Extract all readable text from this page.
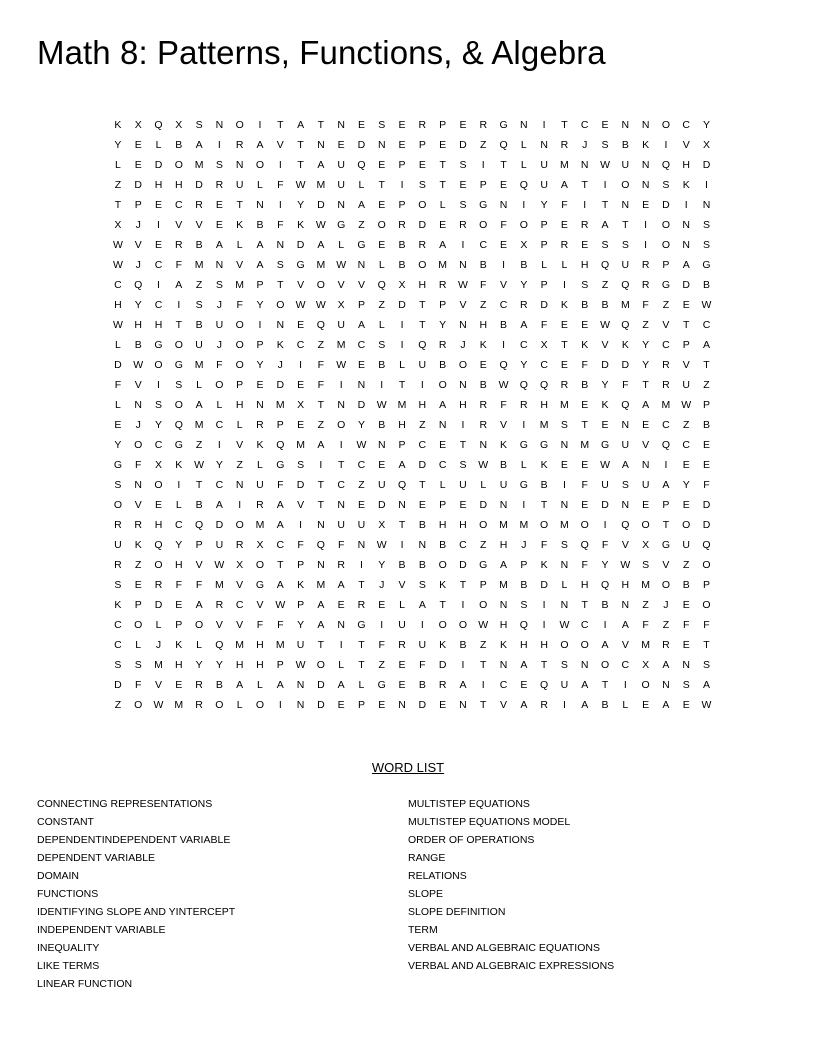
Math 8: Patterns, Functions, & Algebra
K	X	Q	X	S	N	O	I	T	A	T	N	E	S	E	R	P	E	R	G	N	I	T	C	E	N	N	O	C	Y
Y	E	L	B	A	I	R	A	V	T	N	E	D	N	E	P	E	D	Z	Q	L	N	R	J	S	B	K	I	V	X
L	E	D	O	M	S	N	O	I	T	A	U	Q	E	P	E	T	S	I	T	L	U	M	N	W	U	N	Q	H	D
Z	D	H	H	D	R	U	L	F	W	M	U	L	T	I	S	T	E	P	E	Q	U	A	T	I	O	N	S	K	I
T	P	E	C	R	E	T	N	I	Y	D	N	A	E	P	O	L	S	G	N	I	Y	F	I	T	N	E	D	I	N
X	J	I	V	V	E	K	B	F	K	W	G	Z	O	R	D	E	R	O	F	O	P	E	R	A	T	I	O	N	S
W	V	E	R	B	A	L	A	N	D	A	L	G	E	B	R	A	I	C	E	X	P	R	E	S	S	I	O	N	S
W	J	C	F	M	N	V	A	S	G	M	W	N	L	B	O	M	N	B	I	B	L	L	H	Q	U	R	P	A	G
C	Q	I	A	Z	S	M	P	T	V	O	V	V	Q	X	H	R	W	F	V	Y	P	I	S	Z	Q	R	G	D	B
H	Y	C	I	S	J	F	Y	O	W	W	X	P	Z	D	T	P	V	Z	C	R	D	K	B	B	M	F	Z	E	W
W	H	H	T	B	U	O	I	N	E	Q	U	A	L	I	T	Y	N	H	B	A	F	E	E	W	Q	Z	V	T	C
L	B	G	O	U	J	O	P	K	C	Z	M	C	S	I	Q	R	J	K	I	C	X	T	K	V	K	Y	C	P	A
D	W	O	G	M	F	O	Y	J	I	F	W	E	B	L	U	B	O	E	Q	Y	C	E	F	D	D	Y	R	V	T
F	V	I	S	L	O	P	E	D	E	F	I	N	I	T	I	O	N	B	W	Q	Q	R	B	Y	F	T	R	U	Z
L	N	S	O	A	L	H	N	M	X	T	N	D	W	M	H	A	H	R	F	R	H	M	E	K	Q	A	M	W	P
E	J	Y	Q	M	C	L	R	P	E	Z	O	Y	B	H	Z	N	I	R	V	I	M	S	T	E	N	E	C	Z	B
Y	O	C	G	Z	I	V	K	Q	M	A	I	W	N	P	C	E	T	N	K	G	G	N	M	G	U	V	Q	C	E
G	F	X	K	W	Y	Z	L	G	S	I	T	C	E	A	D	C	S	W	B	L	K	E	E	W	A	N	I	E	E
S	N	O	I	T	C	N	U	F	D	T	C	Z	U	Q	T	L	U	L	U	G	B	I	F	U	S	U	A	Y	F
O	V	E	L	B	A	I	R	A	V	T	N	E	D	N	E	P	E	D	N	I	T	N	E	D	N	E	P	E	D
R	R	H	C	Q	D	O	M	A	I	N	U	U	X	T	B	H	H	O	M	M	O	M	O	I	Q	O	T	O	D
U	K	Q	Y	P	U	R	X	C	F	Q	F	N	W	I	N	B	C	Z	H	J	F	S	Q	F	V	X	G	U	Q
R	Z	O	H	V	W	X	O	T	P	N	R	I	Y	B	B	O	D	G	A	P	K	N	F	Y	W	S	V	Z	O
S	E	R	F	F	M	V	G	A	K	M	A	T	J	V	S	K	T	P	M	B	D	L	H	Q	H	M	O	B	P
K	P	D	E	A	R	C	V	W	P	A	E	R	E	L	A	T	I	O	N	S	I	N	T	B	N	Z	J	E	O
C	O	L	P	O	V	V	F	F	Y	A	N	G	I	U	I	O	O	W	H	Q	I	W	C	I	A	F	Z	F	F
C	L	J	K	L	Q	M	H	M	U	T	I	T	F	R	U	K	B	Z	K	H	H	O	O	A	V	M	R	E	T
S	S	M	H	Y	Y	H	H	P	W	O	L	T	Z	E	F	D	I	T	N	A	T	S	N	O	C	X	A	N	S
D	F	V	E	R	B	A	L	A	N	D	A	L	G	E	B	R	A	I	C	E	Q	U	A	T	I	O	N	S	A
Z	O	W	M	R	O	L	O	I	N	D	E	P	E	N	D	E	N	T	V	A	R	I	A	B	L	E	A	E	W
WORD LIST
CONNECTING REPRESENTATIONS
CONSTANT
DEPENDENTINDEPENDENT VARIABLE
DEPENDENT VARIABLE
DOMAIN
FUNCTIONS
IDENTIFYING SLOPE AND YINTERCEPT
INDEPENDENT VARIABLE
INEQUALITY
LIKE TERMS
LINEAR FUNCTION
MULTISTEP EQUATIONS
MULTISTEP EQUATIONS MODEL
ORDER OF OPERATIONS
RANGE
RELATIONS
SLOPE
SLOPE DEFINITION
TERM
VERBAL AND ALGEBRAIC EQUATIONS
VERBAL AND ALGEBRAIC EXPRESSIONS
